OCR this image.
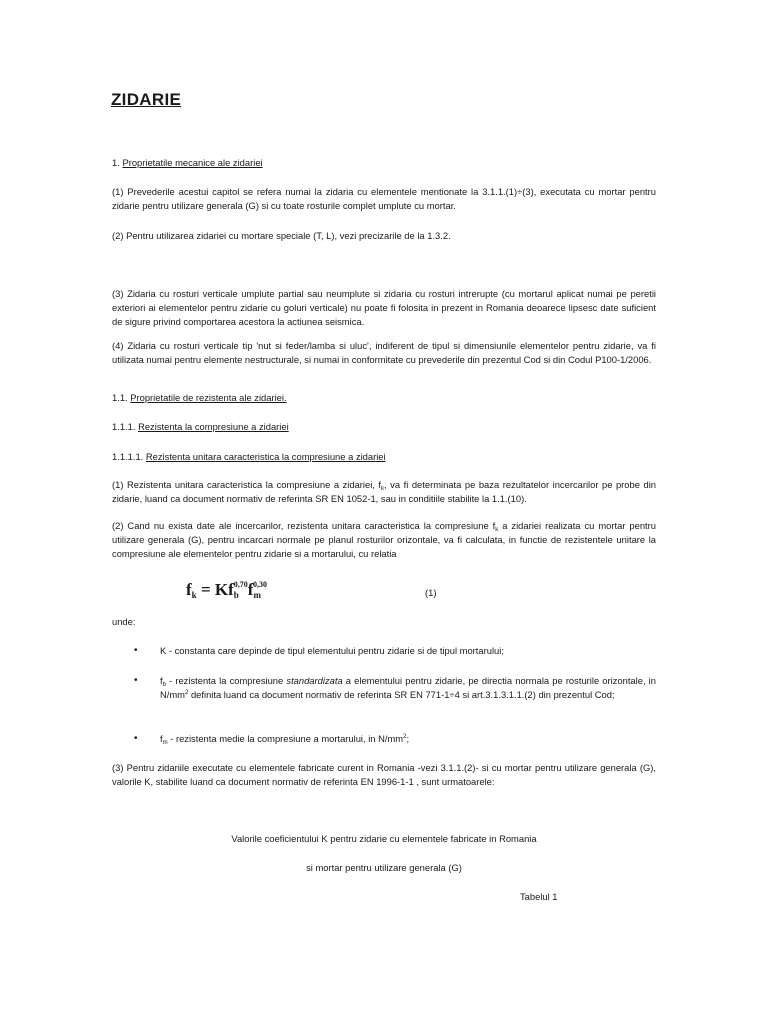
ZIDARIE

1. Proprietatile mecanice ale zidariei

(1) Prevederile acestui capitol se refera numai la zidaria cu elementele mentionate la 3.1.1.(1)÷(3), executata cu mortar pentru zidarie pentru utilizare generala (G) si cu toate rosturile complet umplute cu mortar.

(2) Pentru utilizarea zidariei cu mortare speciale (T, L), vezi precizarile de la 1.3.2.

(3) Zidaria cu rosturi verticale umplute partial sau neumplute si zidaria cu rosturi intrerupte (cu mortarul aplicat numai pe peretii exteriori ai elementelor pentru zidarie cu goluri verticale) nu poate fi folosita in prezent in Romania deoarece lipsesc date suficient de sigure privind comportarea acestora la actiunea seismica.

(4) Zidaria cu rosturi verticale tip 'nut si feder/lamba si uluc', indiferent de tipul si dimensiunile elementelor pentru zidarie, va fi utilizata numai pentru elemente nestructurale, si numai in conformitate cu prevederile din prezentul Cod si din Codul P100-1/2006.

1.1. Proprietatile de rezistenta ale zidariei.

1.1.1. Rezistenta la compresiune a zidariei

1.1.1.1. Rezistenta unitara caracteristica la compresiune a zidariei

(1) Rezistenta unitara caracteristica la compresiune a zidariei, $f_k$, va fi determinata pe baza rezultatelor incercarilor pe probe din zidarie, luand ca document normativ de referinta SR EN 1052-1, sau in conditiile stabilite la 1.1.(10).

(2) Cand nu exista date ale incercarilor, rezistenta unitara caracteristica la compresiune $f_k$ a zidariei realizata cu mortar pentru utilizare generala (G), pentru incarcari normale pe planul rosturilor orizontale, va fi calculata, in functie de rezistentele unitare la compresiune ale elementelor pentru zidarie si a mortarului, cu relatia

$f_k = Kf_b^{0,70}f_m^{0,30}$
(1)

unde:

• K - constanta care depinde de tipul elementului pentru zidarie si de tipul mortarului;

• $f_b$ - rezistenta la compresiune standardizata a elementului pentru zidarie, pe directia normala pe rosturile orizontale, in $N/mm^2$ definita luand ca document normativ de referinta SR EN 771-1÷4 si art.3.1.3.1.1.(2) din prezentul Cod;

• $f_m$ - rezistenta medie la compresiune a mortarului, in $N/mm^2$;

(3) Pentru zidariile executate cu elementele fabricate curent in Romania -vezi 3.1.1.(2)- si cu mortar pentru utilizare generala (G), valorile K, stabilite luand ca document normativ de referinta EN 1996-1-1 , sunt urmatoarele:

Valorile coeficientului K pentru zidarie cu elementele fabricate in Romania

si mortar pentru utilizare generala (G)

Tabelul 1
